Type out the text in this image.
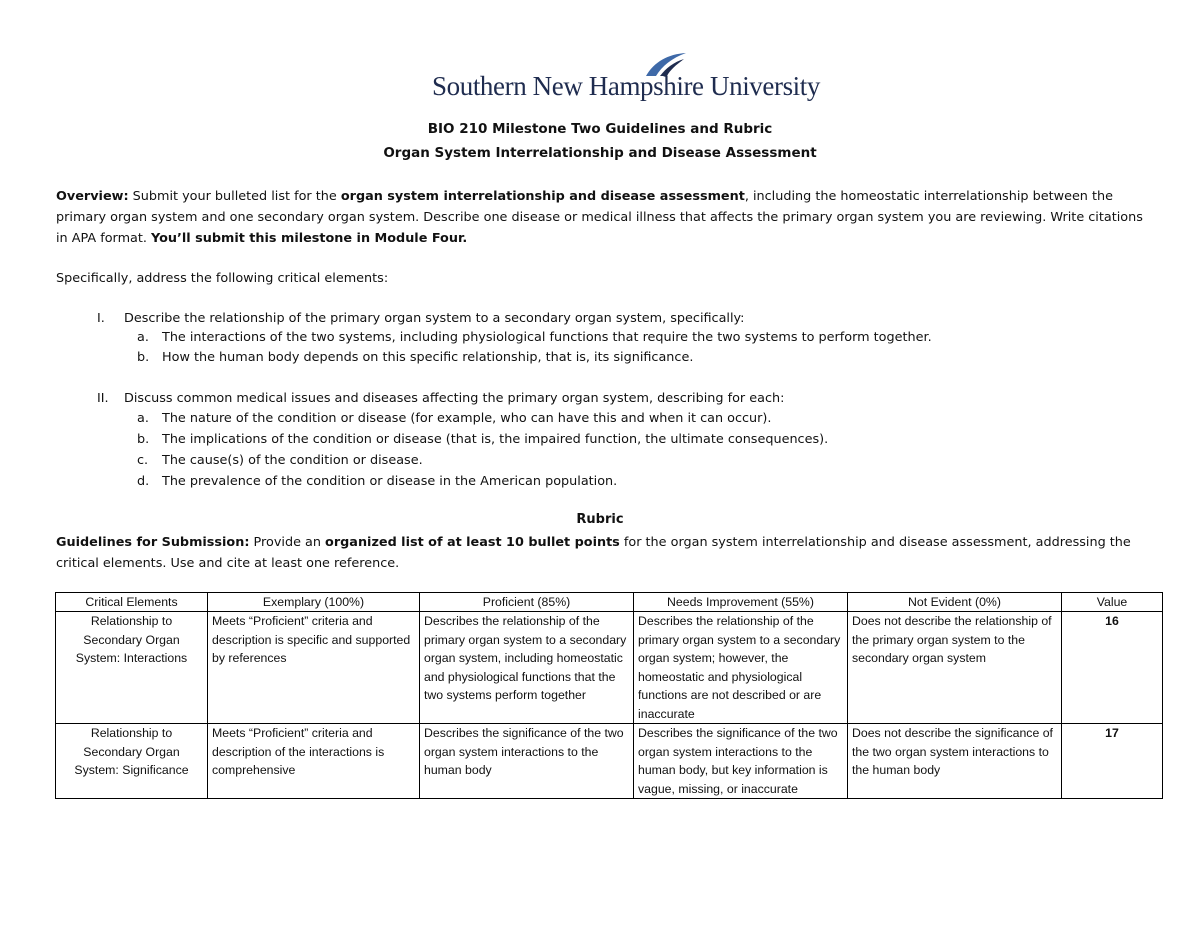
Southern New Hampshire University
BIO 210 Milestone Two Guidelines and Rubric
Organ System Interrelationship and Disease Assessment
Overview: Submit your bulleted list for the organ system interrelationship and disease assessment, including the homeostatic interrelationship between the primary organ system and one secondary organ system. Describe one disease or medical illness that affects the primary organ system you are reviewing. Write citations in APA format. You’ll submit this milestone in Module Four.
Specifically, address the following critical elements:
I.	Describe the relationship of the primary organ system to a secondary organ system, specifically:
a.	The interactions of the two systems, including physiological functions that require the two systems to perform together.
b. How the human body depends on this specific relationship, that is, its significance.
II.	Discuss common medical issues and diseases affecting the primary organ system, describing for each:
a.	The nature of the condition or disease (for example, who can have this and when it can occur).
b. The implications of the condition or disease (that is, the impaired function, the ultimate consequences).
c.	The cause(s) of the condition or disease.
d. The prevalence of the condition or disease in the American population.
Rubric
Guidelines for Submission: Provide an organized list of at least 10 bullet points for the organ system interrelationship and disease assessment, addressing the critical elements. Use and cite at least one reference.
Critical Elements	Exemplary (100%)	Proficient (85%)	Needs Improvement (55%)	Not Evident (0%)	Value
Relationship to Secondary Organ System: Interactions	Meets “Proficient” criteria and description is specific and supported by references	Describes the relationship of the primary organ system to a secondary organ system, including homeostatic and physiological functions that the two systems perform together	Describes the relationship of the primary organ system to a secondary organ system; however, the homeostatic and physiological functions are not described or are inaccurate	Does not describe the relationship of the primary organ system to the secondary organ system	16
Relationship to Secondary Organ System: Significance	Meets “Proficient” criteria and description of the interactions is comprehensive	Describes the significance of the two organ system interactions to the human body	Describes the significance of the two organ system interactions to the human body, but key information is vague, missing, or inaccurate	Does not describe the significance of the two organ system interactions to the human body	17
